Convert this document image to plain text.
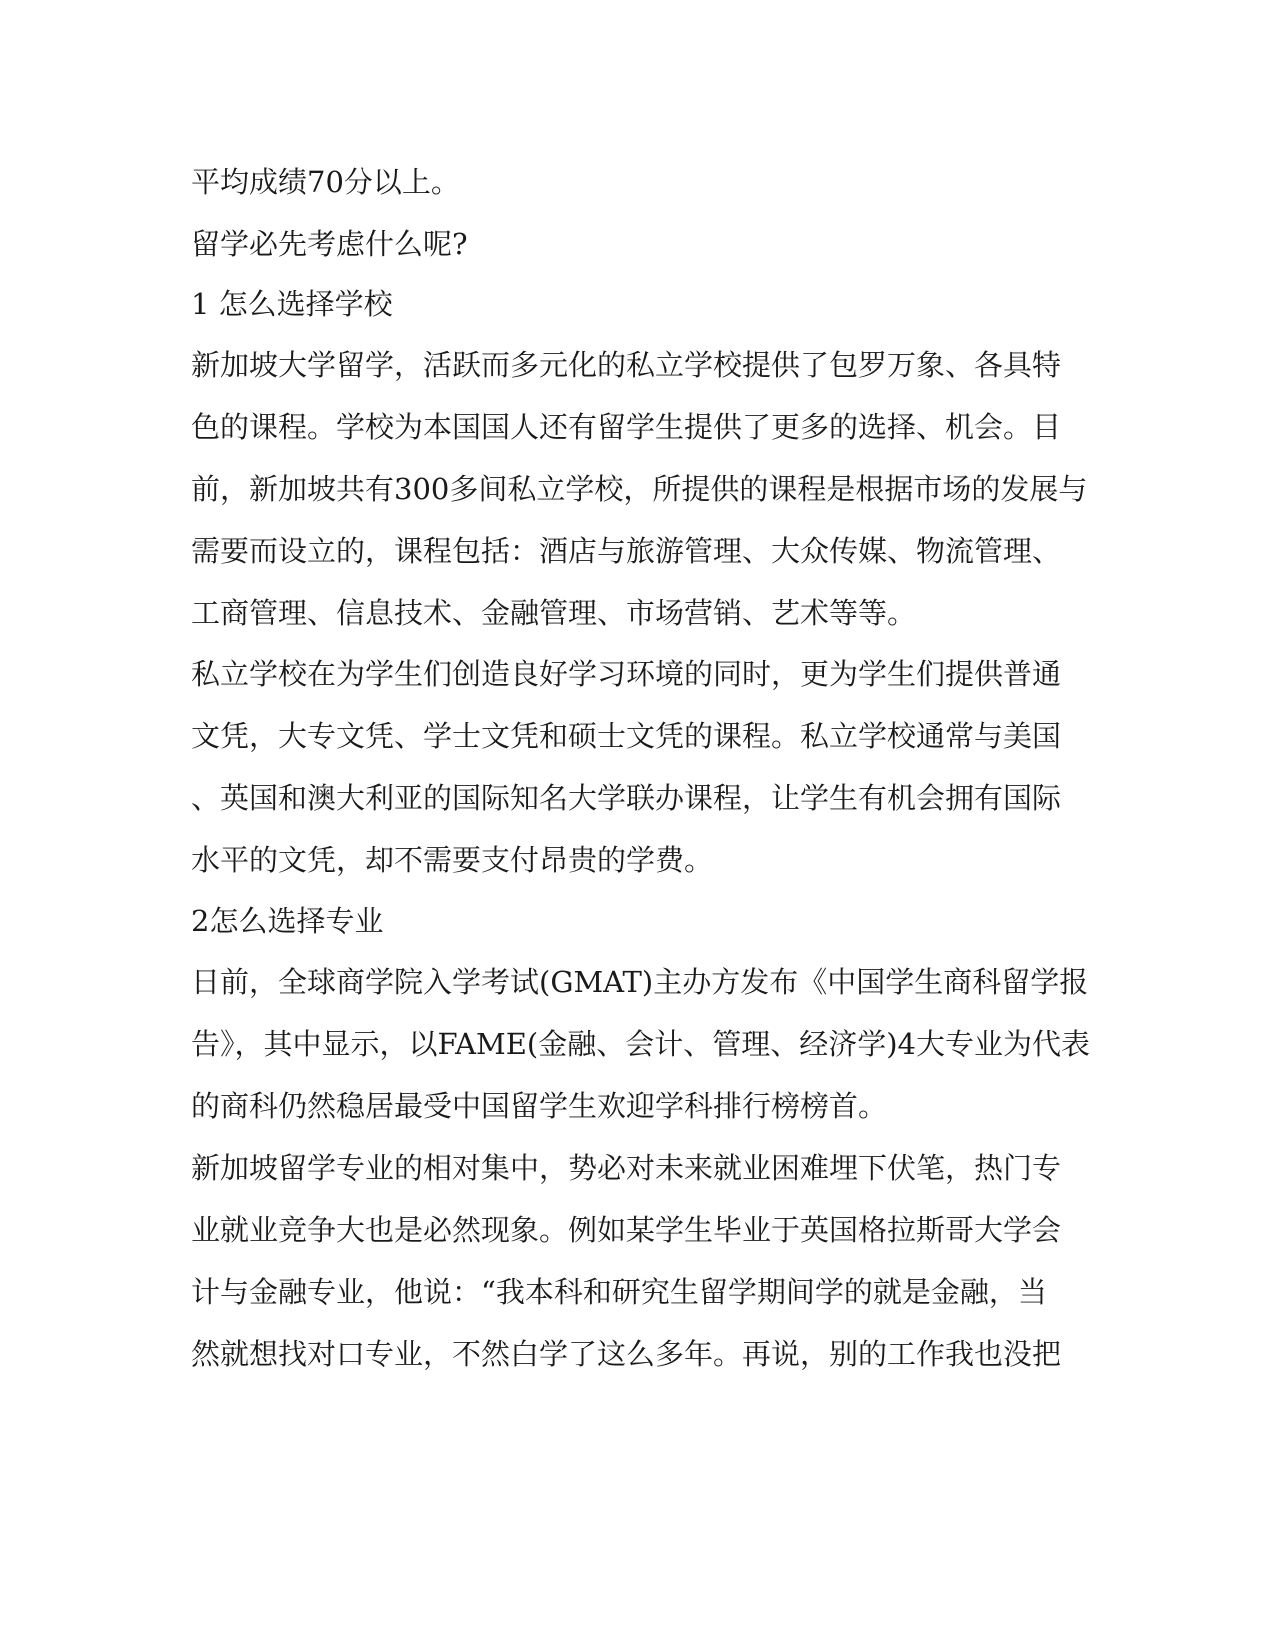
平均成绩70分以上。
留学必先考虑什么呢?
1 怎么选择学校
新加坡大学留学，活跃而多元化的私立学校提供了包罗万象、各具特
色的课程。学校为本国国人还有留学生提供了更多的选择、机会。目
前，新加坡共有300多间私立学校，所提供的课程是根据市场的发展与
需要而设立的，课程包括：酒店与旅游管理、大众传媒、物流管理、
工商管理、信息技术、金融管理、市场营销、艺术等等。
私立学校在为学生们创造良好学习环境的同时，更为学生们提供普通
文凭，大专文凭、学士文凭和硕士文凭的课程。私立学校通常与美国
、英国和澳大利亚的国际知名大学联办课程，让学生有机会拥有国际
水平的文凭，却不需要支付昂贵的学费。
2怎么选择专业
日前，全球商学院入学考试(GMAT)主办方发布《中国学生商科留学报
告》，其中显示，以FAME(金融、会计、管理、经济学)4大专业为代表
的商科仍然稳居最受中国留学生欢迎学科排行榜榜首。
新加坡留学专业的相对集中，势必对未来就业困难埋下伏笔，热门专
业就业竞争大也是必然现象。例如某学生毕业于英国格拉斯哥大学会
计与金融专业，他说：“我本科和研究生留学期间学的就是金融，当
然就想找对口专业，不然白学了这么多年。再说，别的工作我也没把
